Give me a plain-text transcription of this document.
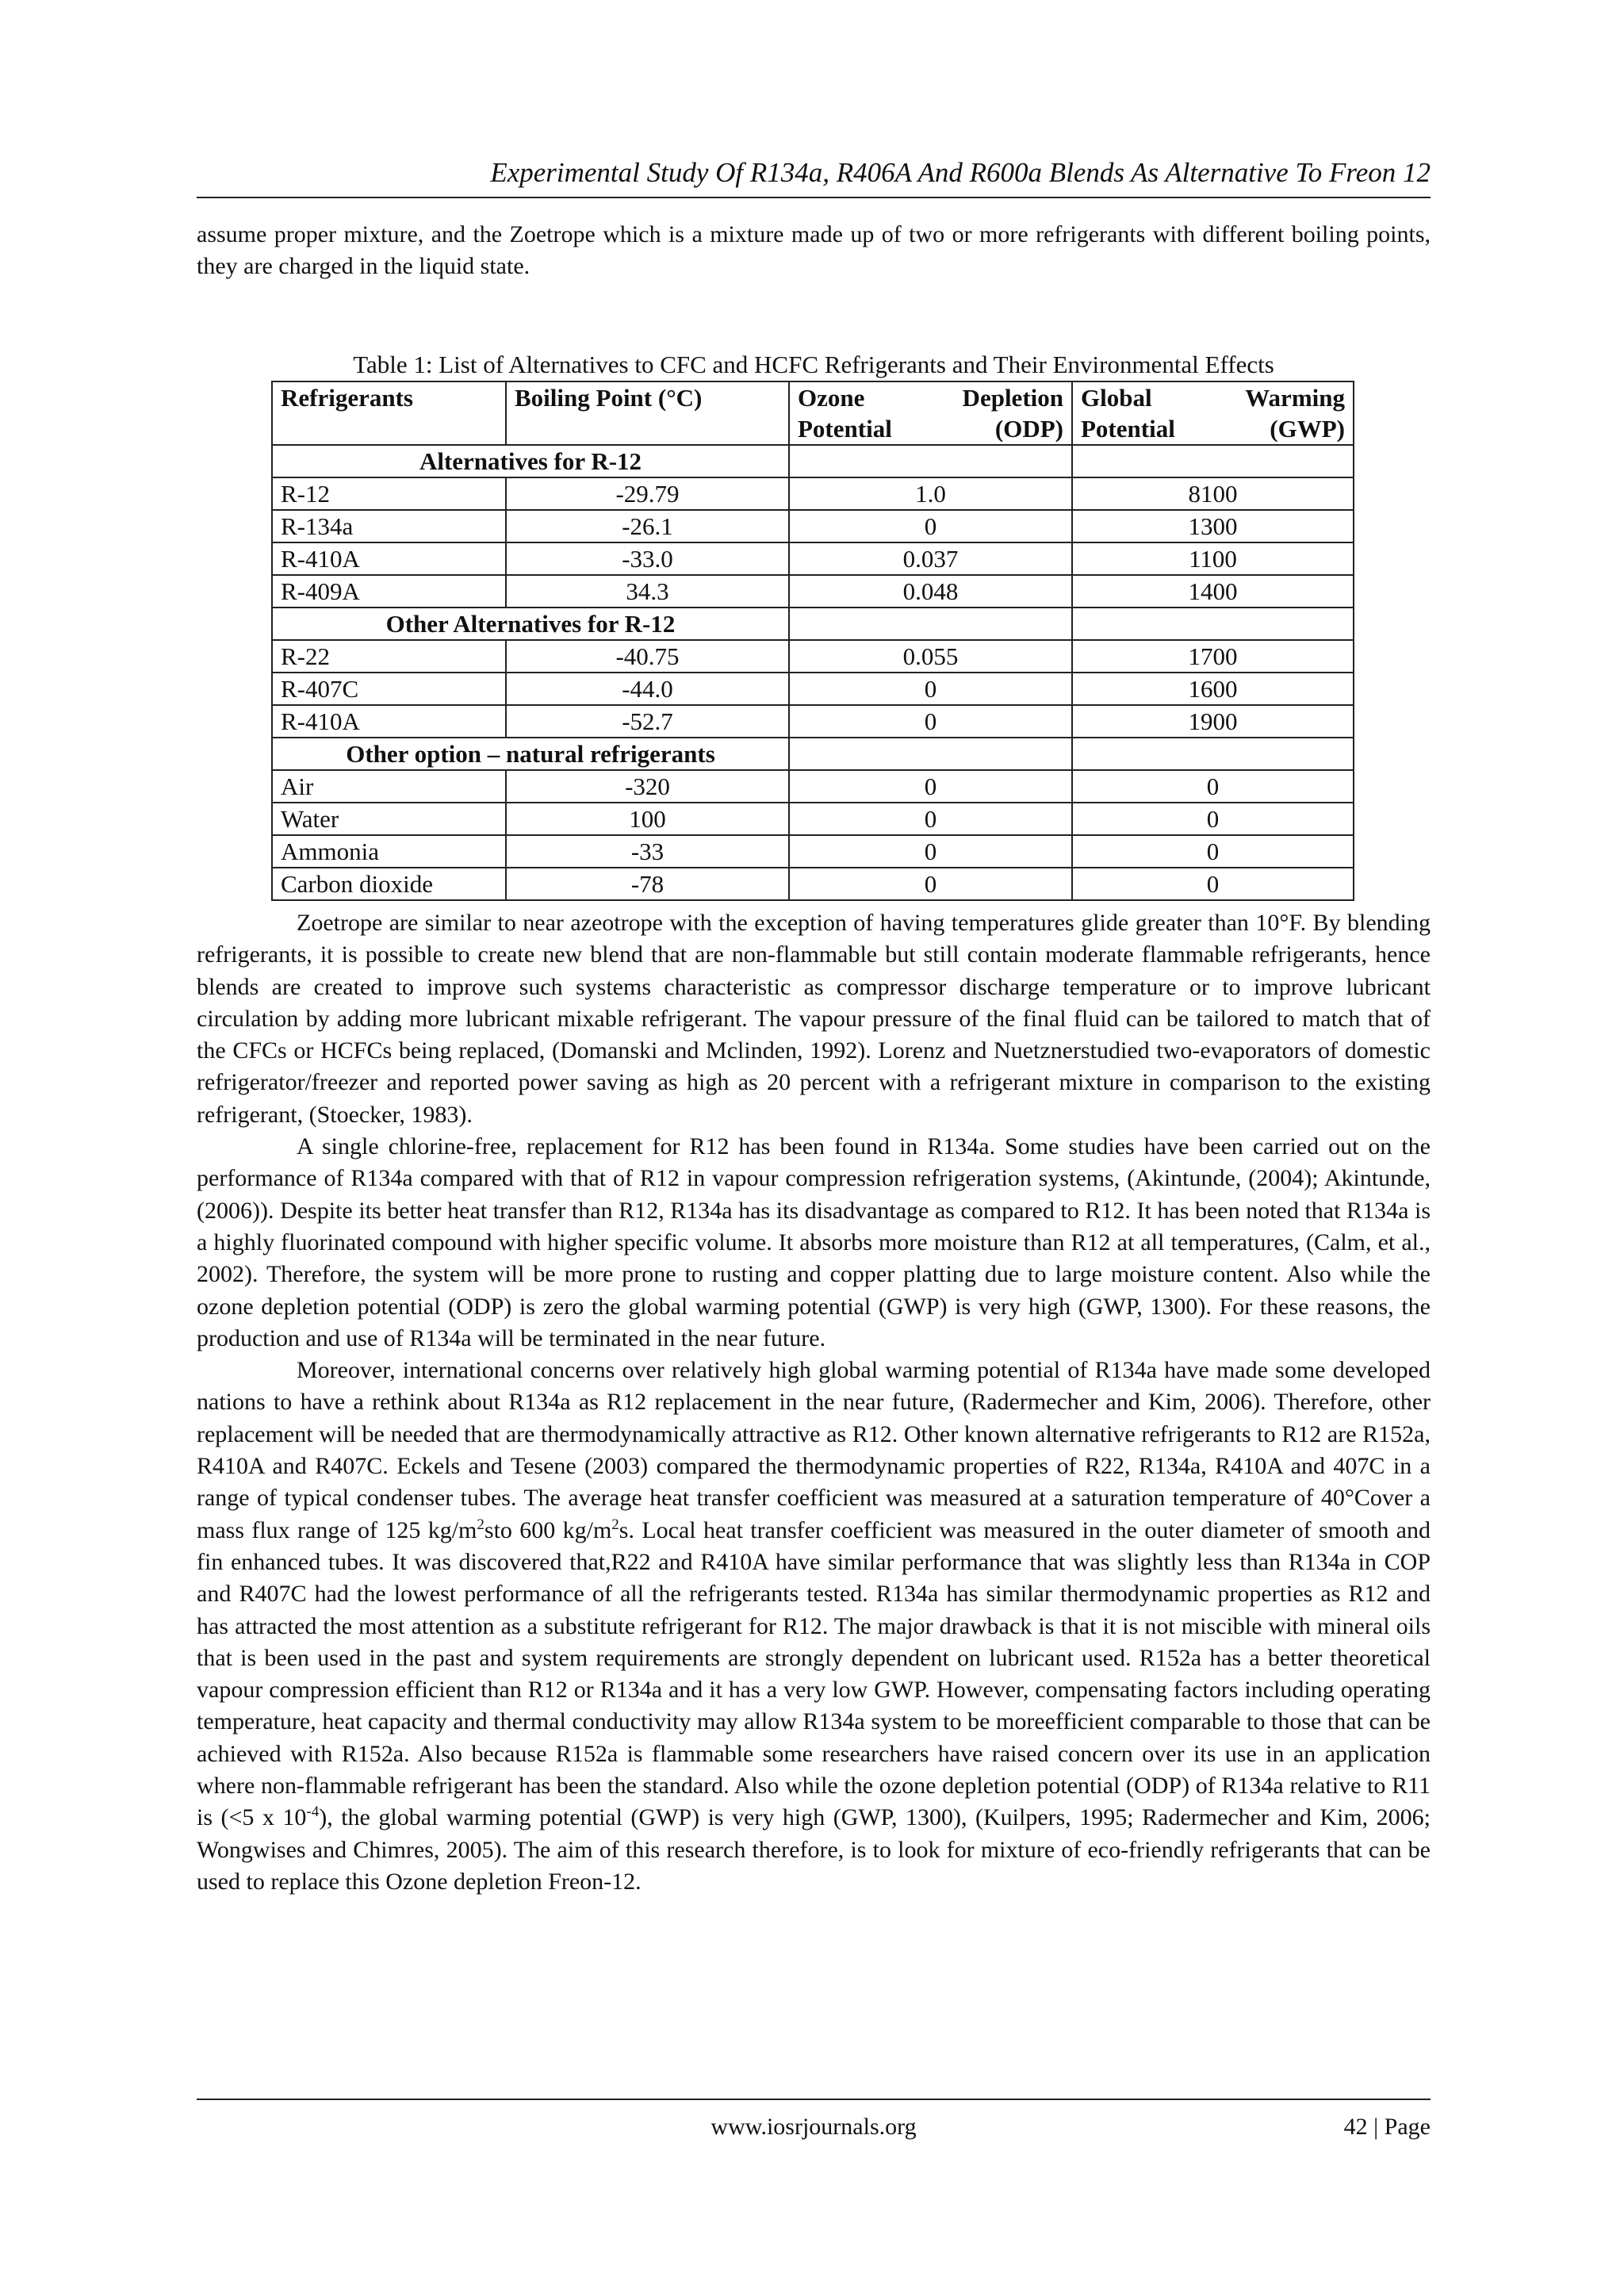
Experimental Study Of R134a, R406A And R600a Blends As Alternative To Freon 12

assume proper mixture, and the Zoetrope which is a mixture made up of two or more refrigerants with different boiling points, they are charged in the liquid state.

Table 1: List of Alternatives to CFC and HCFC Refrigerants and Their Environmental Effects
Refrigerants	Boiling Point (°C)	Ozone Depletion Potential (ODP)	Global Warming Potential (GWP)
Alternatives for R-12			
R-12	-29.79	1.0	8100
R-134a	-26.1	0	1300
R-410A	-33.0	0.037	1100
R-409A	34.3	0.048	1400
Other Alternatives for R-12			
R-22	-40.75	0.055	1700
R-407C	-44.0	0	1600
R-410A	-52.7	0	1900
Other option – natural refrigerants			
Air	-320	0	0
Water	100	0	0
Ammonia	-33	0	0
Carbon dioxide	-78	0	0

Zoetrope are similar to near azeotrope with the exception of having temperatures glide greater than 10°F. By blending refrigerants, it is possible to create new blend that are non-flammable but still contain moderate flammable refrigerants, hence blends are created to improve such systems characteristic as compressor discharge temperature or to improve lubricant circulation by adding more lubricant mixable refrigerant. The vapour pressure of the final fluid can be tailored to match that of the CFCs or HCFCs being replaced, (Domanski and Mclinden, 1992). Lorenz and Nuetznerstudied two-evaporators of domestic refrigerator/freezer and reported power saving as high as 20 percent with a refrigerant mixture in comparison to the existing refrigerant, (Stoecker, 1983).

A single chlorine-free, replacement for R12 has been found in R134a. Some studies have been carried out on the performance of R134a compared with that of R12 in vapour compression refrigeration systems, (Akintunde, (2004); Akintunde, (2006)). Despite its better heat transfer than R12, R134a has its disadvantage as compared to R12. It has been noted that R134a is a highly fluorinated compound with higher specific volume. It absorbs more moisture than R12 at all temperatures, (Calm, et al., 2002). Therefore, the system will be more prone to rusting and copper platting due to large moisture content. Also while the ozone depletion potential (ODP) is zero the global warming potential (GWP) is very high (GWP, 1300). For these reasons, the production and use of R134a will be terminated in the near future.

Moreover, international concerns over relatively high global warming potential of R134a have made some developed nations to have a rethink about R134a as R12 replacement in the near future, (Radermecher and Kim, 2006). Therefore, other replacement will be needed that are thermodynamically attractive as R12. Other known alternative refrigerants to R12 are R152a, R410A and R407C. Eckels and Tesene (2003) compared the thermodynamic properties of R22, R134a, R410A and 407C in a range of typical condenser tubes. The average heat transfer coefficient was measured at a saturation temperature of 40°Cover a mass flux range of 125 $kg/m^2sto$ 600 $kg/m^2s$. Local heat transfer coefficient was measured in the outer diameter of smooth and fin enhanced tubes. It was discovered that,R22 and R410A have similar performance that was slightly less than R134a in COP and R407C had the lowest performance of all the refrigerants tested. R134a has similar thermodynamic properties as R12 and has attracted the most attention as a substitute refrigerant for R12. The major drawback is that it is not miscible with mineral oils that is been used in the past and system requirements are strongly dependent on lubricant used. R152a has a better theoretical vapour compression efficient than R12 or R134a and it has a very low GWP. However, compensating factors including operating temperature, heat capacity and thermal conductivity may allow R134a system to be moreefficient comparable to those that can be achieved with R152a. Also because R152a is flammable some researchers have raised concern over its use in an application where non-flammable refrigerant has been the standard. Also while the ozone depletion potential (ODP) of R134a relative to R11 is (<5 x $10^{-4}$), the global warming potential (GWP) is very high (GWP, 1300), (Kuilpers, 1995; Radermecher and Kim, 2006; Wongwises and Chimres, 2005). The aim of this research therefore, is to look for mixture of eco-friendly refrigerants that can be used to replace this Ozone depletion Freon-12.

www.iosrjournals.org	42 | Page
